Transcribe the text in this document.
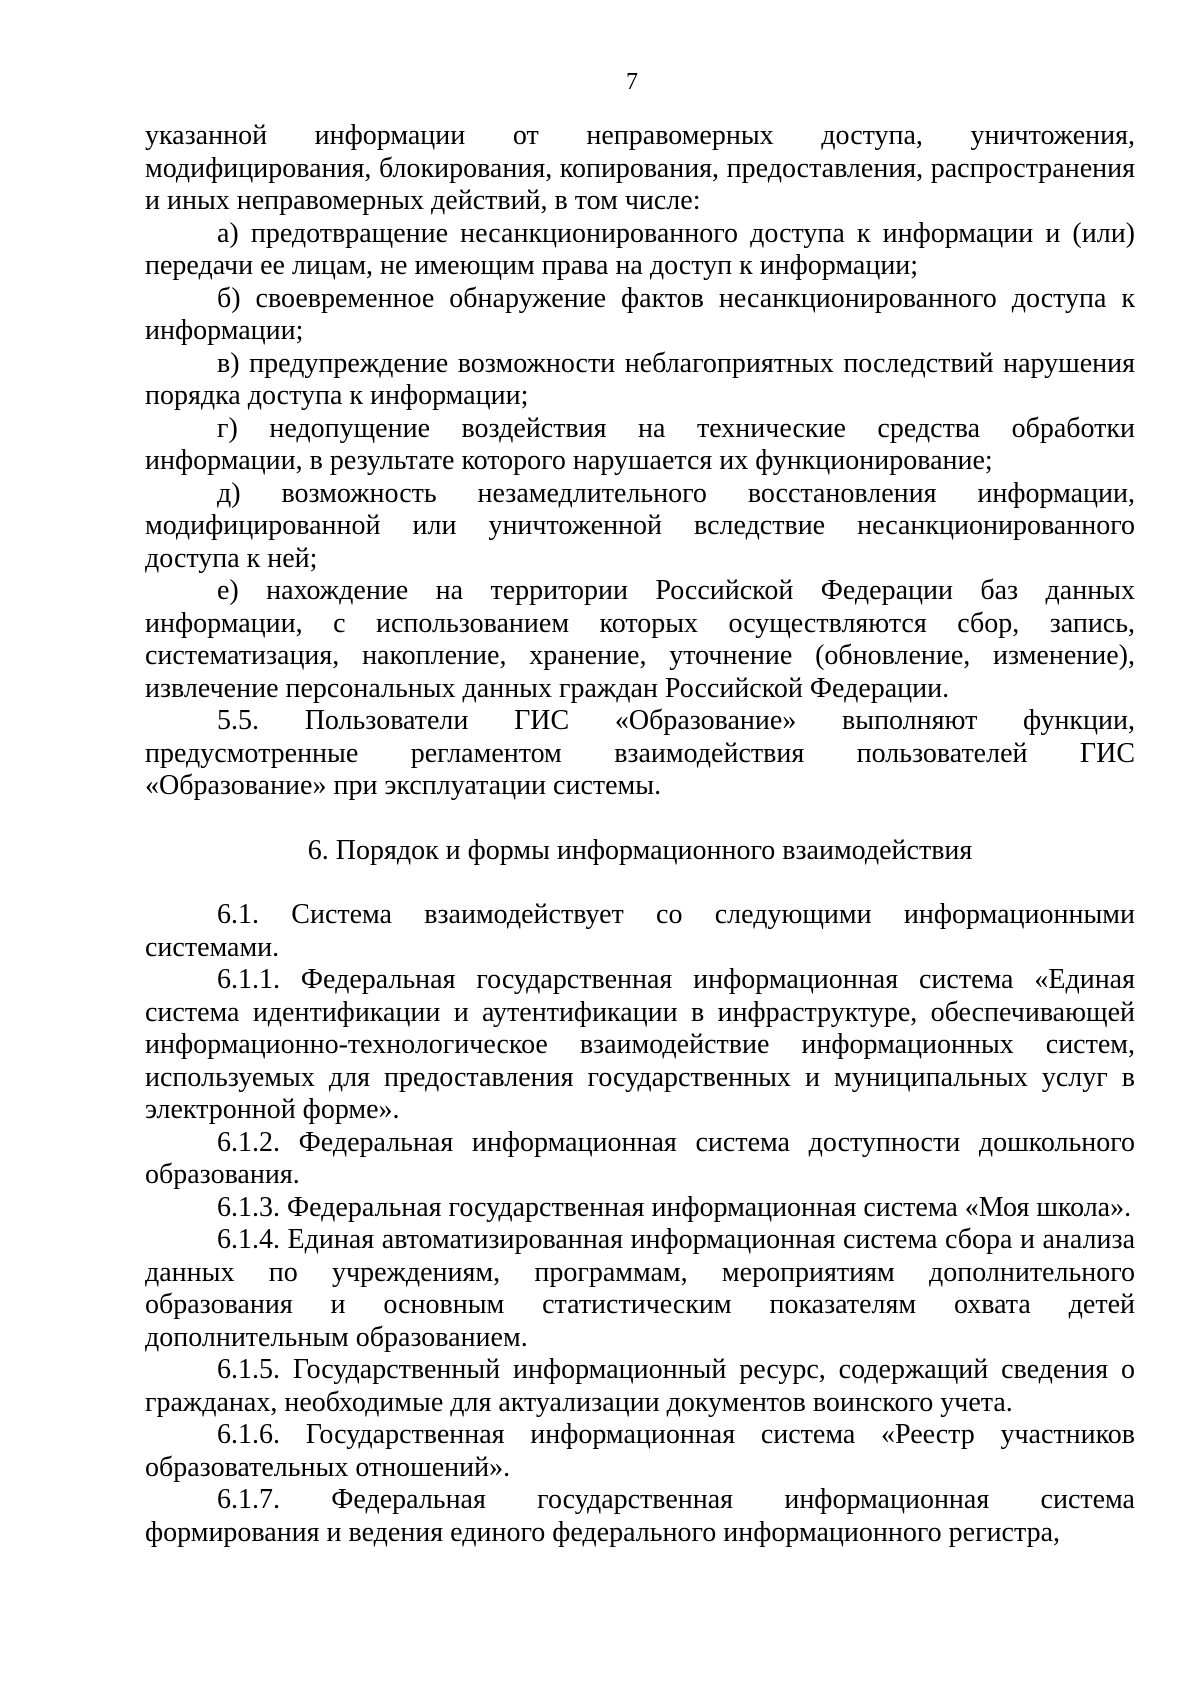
7

указанной информации от неправомерных доступа, уничтожения, модифицирования, блокирования, копирования, предоставления, распространения и иных неправомерных действий, в том числе:

а) предотвращение несанкционированного доступа к информации и (или) передачи ее лицам, не имеющим права на доступ к информации;

б) своевременное обнаружение фактов несанкционированного доступа к информации;

в) предупреждение возможности неблагоприятных последствий нарушения порядка доступа к информации;

г) недопущение воздействия на технические средства обработки информации, в результате которого нарушается их функционирование;

д) возможность незамедлительного восстановления информации, модифицированной или уничтоженной вследствие несанкционированного доступа к ней;

е) нахождение на территории Российской Федерации баз данных информации, с использованием которых осуществляются сбор, запись, систематизация, накопление, хранение, уточнение (обновление, изменение), извлечение персональных данных граждан Российской Федерации.

5.5. Пользователи ГИС «Образование» выполняют функции, предусмотренные регламентом взаимодействия пользователей ГИС «Образование» при эксплуатации системы.

6. Порядок и формы информационного взаимодействия

6.1. Система взаимодействует со следующими информационными системами.

6.1.1. Федеральная государственная информационная система «Единая система идентификации и аутентификации в инфраструктуре, обеспечивающей информационно-технологическое взаимодействие информационных систем, используемых для предоставления государственных и муниципальных услуг в электронной форме».

6.1.2. Федеральная информационная система доступности дошкольного образования.

6.1.3. Федеральная государственная информационная система «Моя школа».

6.1.4. Единая автоматизированная информационная система сбора и анализа данных по учреждениям, программам, мероприятиям дополнительного образования и основным статистическим показателям охвата детей дополнительным образованием.

6.1.5. Государственный информационный ресурс, содержащий сведения о гражданах, необходимые для актуализации документов воинского учета.

6.1.6. Государственная информационная система «Реестр участников образовательных отношений».

6.1.7. Федеральная государственная информационная система формирования и ведения единого федерального информационного регистра,
